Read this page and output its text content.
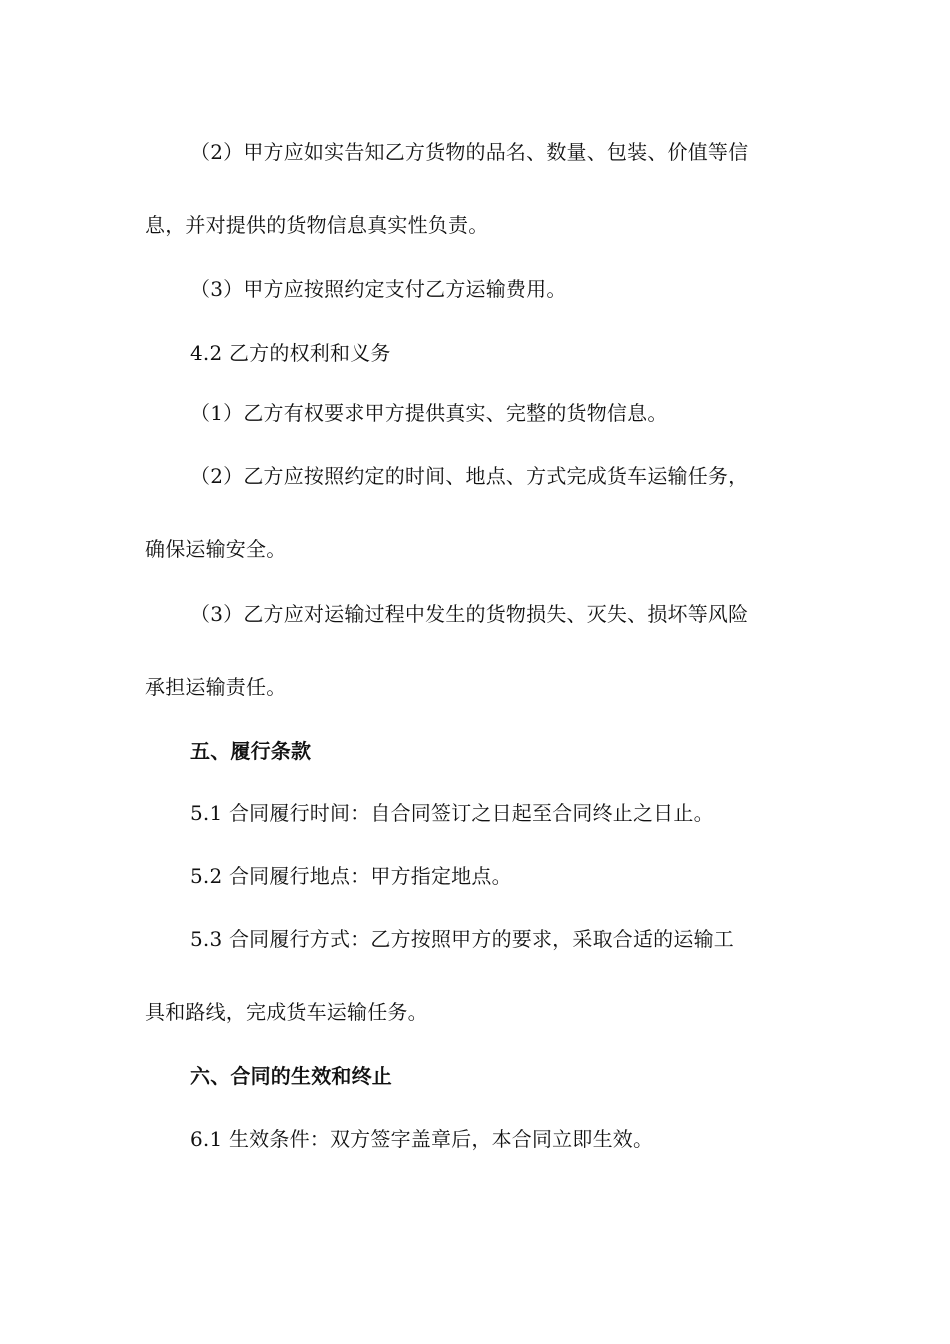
（2）甲方应如实告知乙方货物的品名、数量、包装、价值等信
息，并对提供的货物信息真实性负责。
（3）甲方应按照约定支付乙方运输费用。
4.2 乙方的权利和义务
（1）乙方有权要求甲方提供真实、完整的货物信息。
（2）乙方应按照约定的时间、地点、方式完成货车运输任务，
确保运输安全。
（3）乙方应对运输过程中发生的货物损失、灭失、损坏等风险
承担运输责任。
五、履行条款
5.1 合同履行时间：自合同签订之日起至合同终止之日止。
5.2 合同履行地点：甲方指定地点。
5.3 合同履行方式：乙方按照甲方的要求，采取合适的运输工
具和路线，完成货车运输任务。
六、合同的生效和终止
6.1 生效条件：双方签字盖章后，本合同立即生效。
